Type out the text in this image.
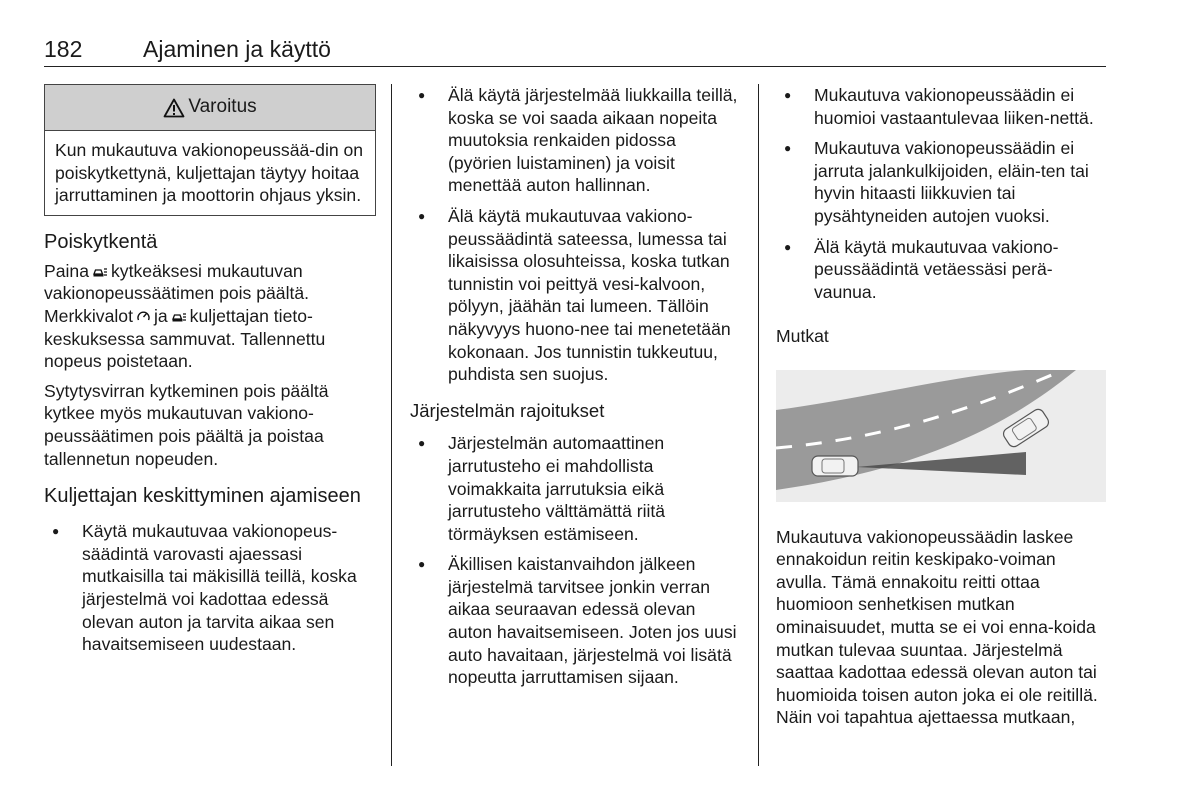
182	Ajaminen ja käyttö
Varoitus
Kun mukautuva vakionopeussää-din on poiskytkettynä, kuljettajan täytyy hoitaa jarruttaminen ja moottorin ohjaus yksin.
Poiskytkentä

Paina kytkeäksesi mukautuvan vakionopeussäätimen pois päältä. Merkkivalot ja kuljettajan tieto-keskuksessa sammuvat. Tallennettu nopeus poistetaan.

Sytytysvirran kytkeminen pois päältä kytkee myös mukautuvan vakiono-peussäätimen pois päältä ja poistaa tallennetun nopeuden.

Kuljettajan keskittyminen ajamiseen
● Käytä mukautuvaa vakionopeus-säädintä varovasti ajaessasi mutkaisilla tai mäkisillä teillä, koska järjestelmä voi kadottaa edessä olevan auton ja tarvita aikaa sen havaitsemiseen uudestaan.
● Älä käytä järjestelmää liukkailla teillä, koska se voi saada aikaan nopeita muutoksia renkaiden pidossa (pyörien luistaminen) ja voisit menettää auton hallinnan.
● Älä käytä mukautuvaa vakiono-peussäädintä sateessa, lumessa tai likaisissa olosuhteissa, koska tutkan tunnistin voi peittyä vesi-kalvoon, pölyyn, jäähän tai lumeen. Tällöin näkyvyys huono-nee tai menetetään kokonaan. Jos tunnistin tukkeutuu, puhdista sen suojus.
Järjestelmän rajoitukset
● Järjestelmän automaattinen jarrutusteho ei mahdollista voimakkaita jarrutuksia eikä jarrutusteho välttämättä riitä törmäyksen estämiseen.
● Äkillisen kaistanvaihdon jälkeen järjestelmä tarvitsee jonkin verran aikaa seuraavan edessä olevan auton havaitsemiseen. Joten jos uusi auto havaitaan, järjestelmä voi lisätä nopeutta jarruttamisen sijaan.
● Mukautuva vakionopeussäädin ei huomioi vastaantulevaa liiken-nettä.
● Mukautuva vakionopeussäädin ei jarruta jalankulkijoiden, eläin-ten tai hyvin hitaasti liikkuvien tai pysähtyneiden autojen vuoksi.
● Älä käytä mukautuvaa vakiono-peussäädintä vetäessäsi perä-vaunua.
Mutkat

Mukautuva vakionopeussäädin laskee ennakoidun reitin keskipako-voiman avulla. Tämä ennakoitu reitti ottaa huomioon senhetkisen mutkan ominaisuudet, mutta se ei voi enna-koida mutkan tulevaa suuntaa. Järjestelmä saattaa kadottaa edessä olevan auton tai huomioida toisen auton joka ei ole reitillä. Näin voi tapahtua ajettaessa mutkaan,
